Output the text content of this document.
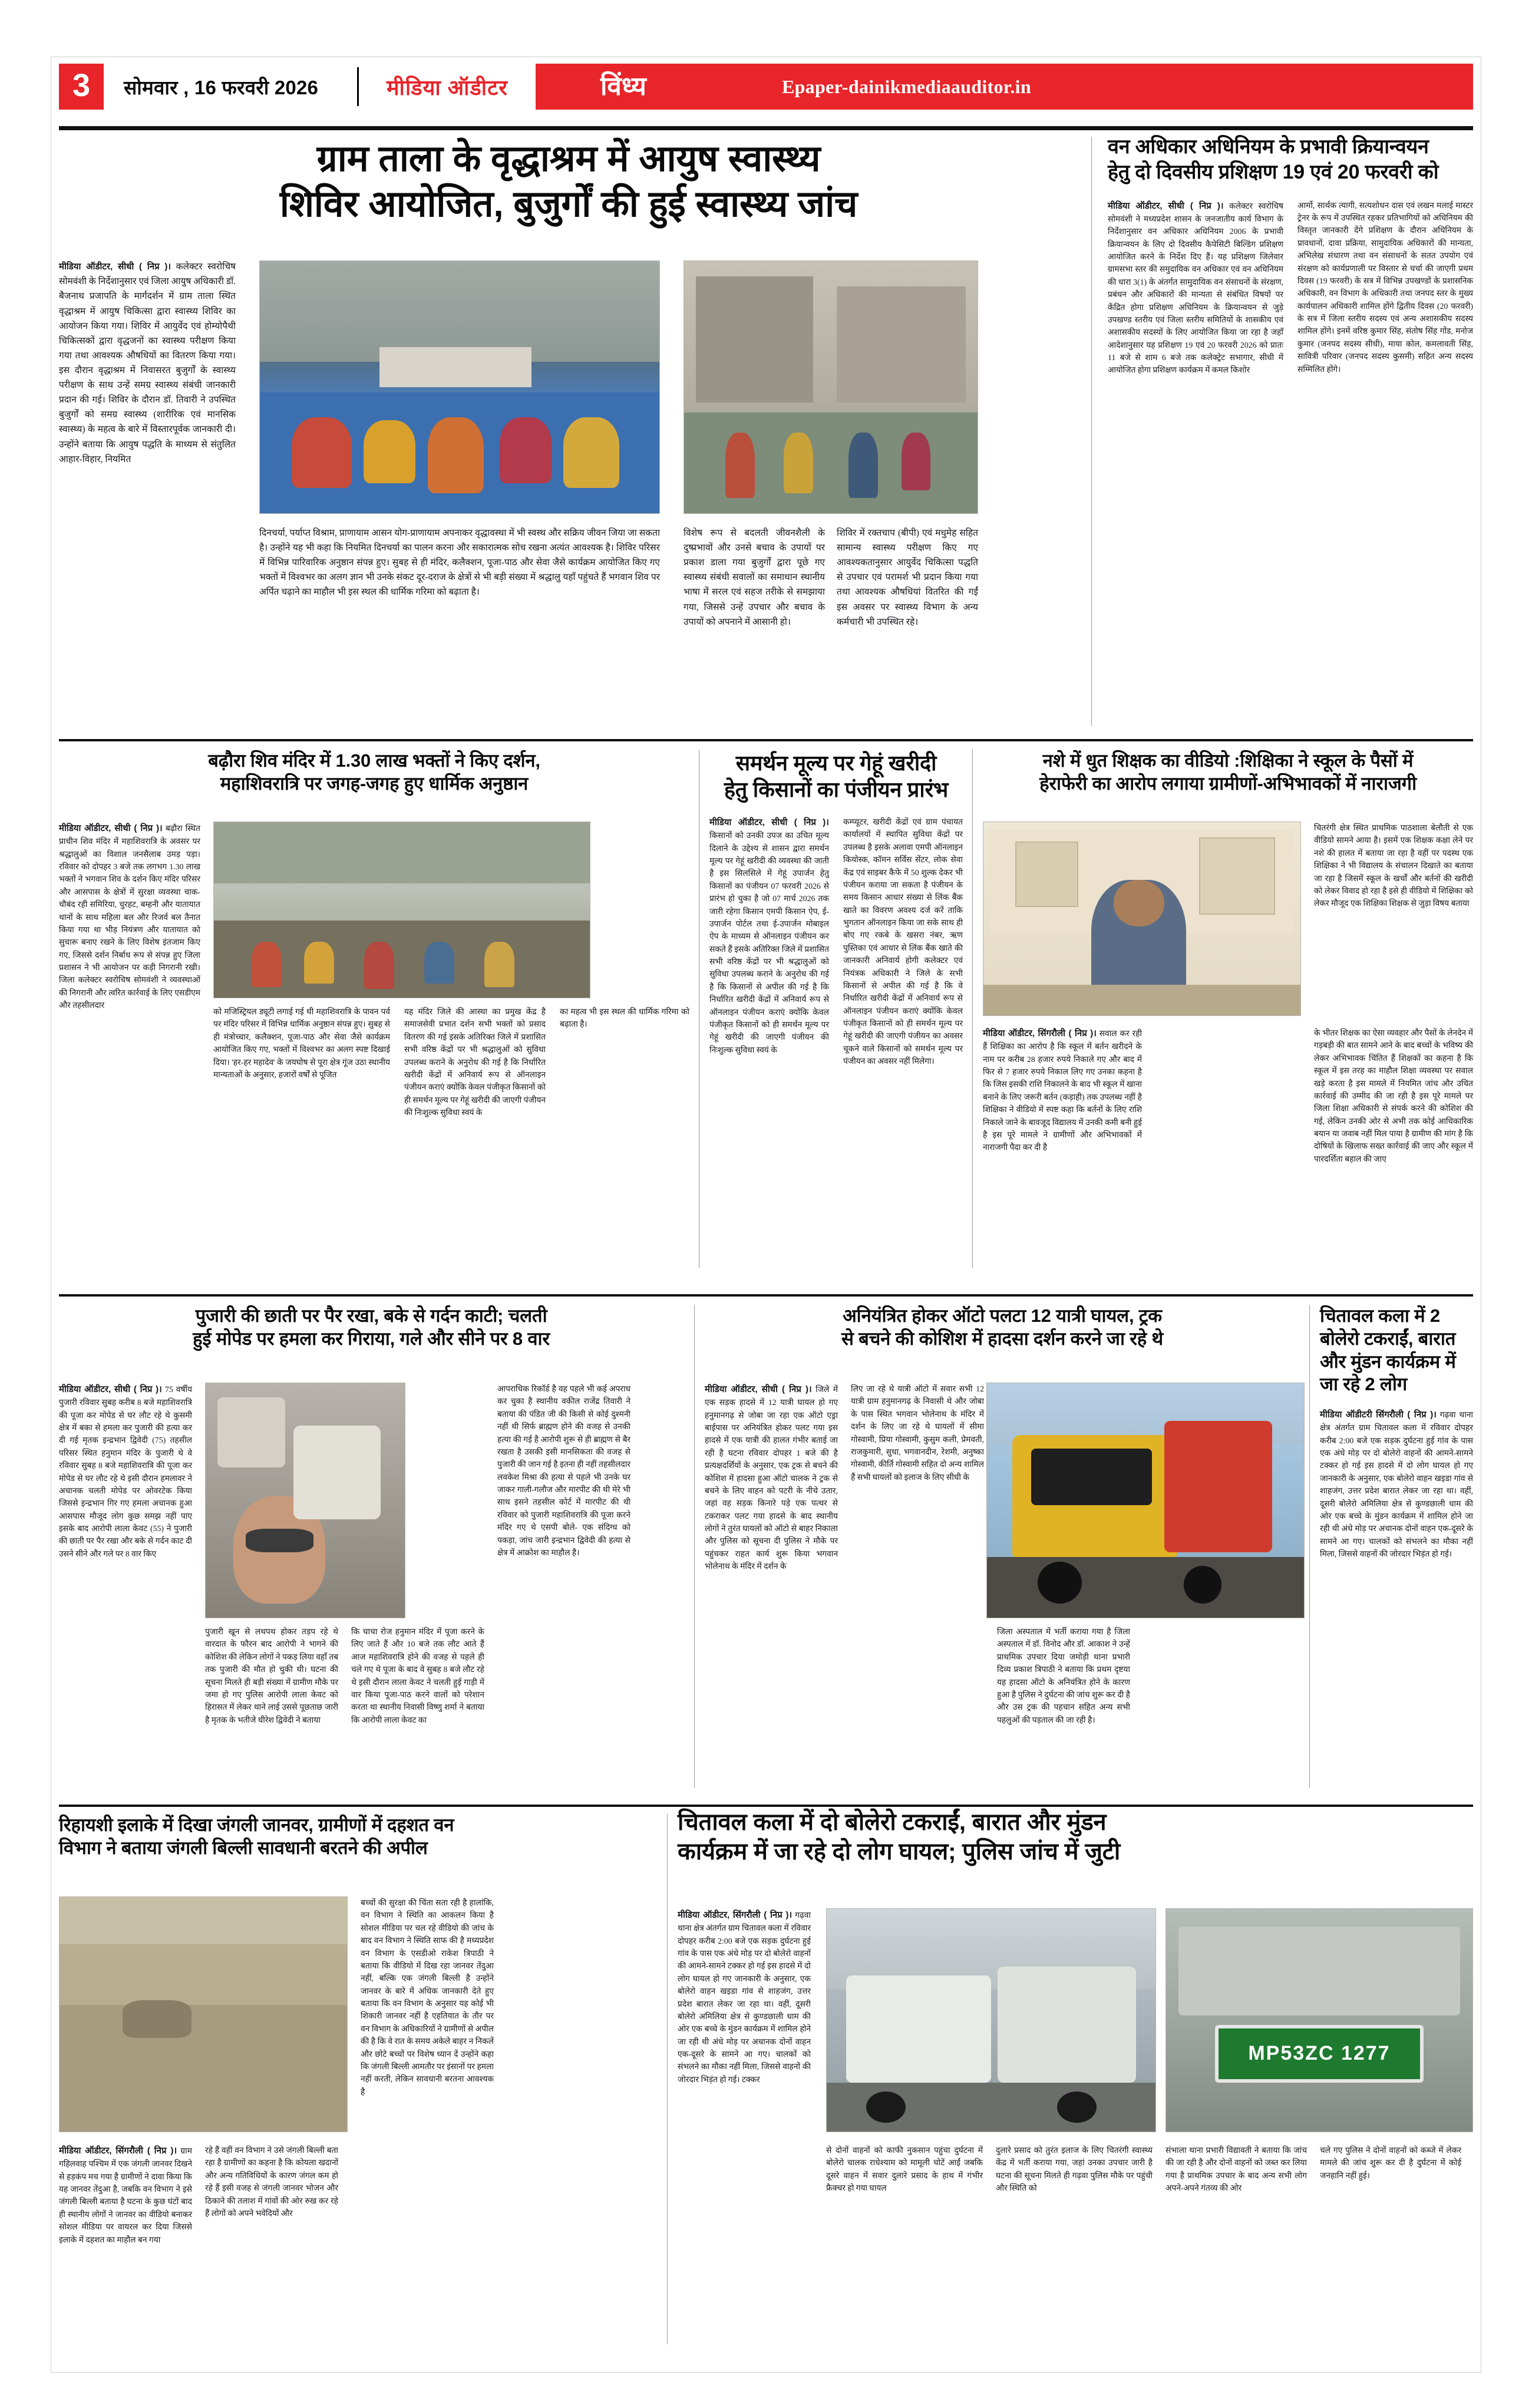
3 सोमवार , 16 फरवरी 2026	मीडिया ऑडीटर	विंध्य	Epaper-dainikmediaauditor.in
ग्राम ताला के वृद्धाश्रम में आयुष स्वास्थ्य
शिविर आयोजित, बुजुर्गों की हुई स्वास्थ्य जांच
मीडिया ऑडीटर, सीधी ( निप्र )। कलेक्टर स्वरोचिष सोमवंशी के निर्देशानुसार एवं जिला आयुष अधिकारी डॉ. बैजनाथ प्रजापति के मार्गदर्शन में ग्राम ताला स्थित वृद्धाश्रम में आयुष चिकित्सा द्वारा स्वास्थ्य शिविर का आयोजन किया गया। शिविर में आयुर्वेद एवं होम्योपैथी चिकित्सकों द्वारा वृद्धजनों का स्वास्थ्य परीक्षण किया गया तथा आवश्यक औषधियों का वितरण किया गया। इस दौरान वृद्धाश्रम में निवासरत बुजुर्गों के स्वास्थ्य परीक्षण के साथ उन्हें समग्र स्वास्थ्य संबंधी जानकारी प्रदान की गई। शिविर के दौरान डॉ. तिवारी ने उपस्थित बुजुर्गों को समग्र स्वास्थ्य (शारीरिक एवं मानसिक स्वास्थ्य) के महत्व के बारे में विस्तारपूर्वक जानकारी दी। उन्होंने बताया कि आयुष पद्धति के माध्यम से संतुलित आहार-विहार, नियमित
दिनचर्या, पर्याप्त विश्राम, प्राणायाम आसन योग-प्राणायाम अपनाकर वृद्धावस्था में भी स्वस्थ और सक्रिय जीवन जिया जा सकता है। उन्होंने यह भी कहा कि नियमित दिनचर्या का पालन करना और सकारात्मक सोच रखना अत्यंत आवश्यक है। शिविर परिसर में विभिन्न पारिवारिक अनुष्ठान संपन्न हुए। सुबह से ही मंदिर, कलैक्शन, पूजा-पाठ और सेवा जैसे कार्यक्रम आयोजित किए गए भक्तों में विश्वभर का अलग ज्ञान भी उनके संकट दूर-दराज के क्षेत्रों से भी बड़ी संख्या में श्रद्धालु यहाँ पहुंचते हैं भगवान शिव पर अर्पित चढ़ाने का माहौल भी इस स्थल की धार्मिक गरिमा को बढ़ाता है।
विशेष रूप से बदलती जीवनशैली के दुष्प्रभावों और उनसे बचाव के उपायों पर प्रकाश डाला गया बुजुर्गों द्वारा पूछे गए स्वास्थ्य संबंधी सवालों का समाधान स्थानीय भाषा में सरल एवं सहज तरीके से समझाया गया, जिससे उन्हें उपचार और बचाव के उपायों को अपनाने में आसानी हो।
शिविर में रक्तचाप (बीपी) एवं मधुमेह सहित सामान्य स्वास्थ्य परीक्षण किए गए आवश्यकतानुसार आयुर्वेद चिकित्सा पद्धति से उपचार एवं परामर्श भी प्रदान किया गया तथा आवश्यक औषधियां वितरित की गईं इस अवसर पर स्वास्थ्य विभाग के अन्य कर्मचारी भी उपस्थित रहे।
वन अधिकार अधिनियम के प्रभावी क्रियान्वयन
हेतु दो दिवसीय प्रशिक्षण 19 एवं 20 फरवरी को
मीडिया ऑडीटर, सीधी ( निप्र )। कलेक्टर स्वरोचिष सोमवंशी ने मध्यप्रदेश शासन के जनजातीय कार्य विभाग के निर्देशानुसार वन अधिकार अधिनियम 2006 के प्रभावी क्रियान्वयन के लिए दो दिवसीय कैपेसिटी बिल्डिंग प्रशिक्षण आयोजित करने के निर्देश दिए हैं। यह प्रशिक्षण जिलेवार ग्रामसभा स्तर की समुदायिक वन अधिकार एवं वन अधिनियम की धारा 3(1) के अंतर्गत सामुदायिक वन संसाधनों के संरक्षण, प्रबंधन और अधिकारों की मान्यता से संबंधित विषयों पर केंद्रित होगा प्रशिक्षण अधिनियम के क्रियान्वयन से जुड़े उपखण्ड स्तरीय एवं जिला स्तरीय समितियों के शासकीय एवं अशासकीय सदस्यों के लिए आयोजित किया जा रहा है जहाँ आदेशानुसार यह प्रशिक्षण 19 एवं 20 फरवरी 2026 को प्रातः 11 बजे से शाम 6 बजे तक कलेक्ट्रेट सभागार, सीधी में आयोजित होगा प्रशिक्षण कार्यक्रम में कमल किशोर
आर्मो, सार्थक त्यागी, सत्यशोधन दास एवं लखन मलाई मास्टर ट्रेनर के रूप में उपस्थित रहकर प्रतिभागियों को अधिनियम की विस्तृत जानकारी देंगे प्रशिक्षण के दौरान अधिनियम के प्रावधानों, दावा प्रक्रिया, सामुदायिक अधिकारों की मान्यता, अभिलेख संधारण तथा वन संसाधनों के सतत उपयोग एवं संरक्षण को कार्यप्रणाली पर विस्तार से चर्चा की जाएगी प्रथम दिवस (19 फरवरी) के सत्र में विभिन्न उपखण्डों के प्रशासनिक अधिकारी, वन विभाग के अधिकारी तथा जनपद स्तर के मुख्य कार्यपालन अधिकारी शामिल होंगे द्वितीय दिवस (20 फरवरी) के सत्र में जिला स्तरीय सदस्य एवं अन्य अशासकीय सदस्य शामिल होंगे। इनमें वरिष्ठ कुमार सिंह, संतोष सिंह गोंड, मनोज कुमार (जनपद सदस्य सीधी), माया कोल, कमलावती सिंह, सावित्री परिवार (जनपद सदस्य कुसमी) सहित अन्य सदस्य सम्मिलित होंगे।
बढ़ौरा शिव मंदिर में 1.30 लाख भक्तों ने किए दर्शन,
महाशिवरात्रि पर जगह-जगह हुए धार्मिक अनुष्ठान
मीडिया ऑडीटर, सीधी ( निप्र )। बढ़ौरा स्थित प्राचीन शिव मंदिर में महाशिवरात्रि के अवसर पर श्रद्धालुओं का विशाल जनसैलाब उमड़ पड़ा। रविवार को दोपहर 3 बजे तक लगभग 1.30 लाख भक्तों ने भगवान शिव के दर्शन किए मंदिर परिसर और आसपास के क्षेत्रों में सुरक्षा व्यवस्था चाक-चौबंद रही समिरिया, चुरहट, बम्हनी और यातायात थानों के साथ महिला बल और रिजर्व बल तैनात किया गया था भीड़ नियंत्रण और यातायात को सुचारू बनाए रखने के लिए विशेष इंतजाम किए गए, जिससे दर्शन निर्बाध रूप से संपन्न हुए जिला प्रशासन ने भी आयोजन पर कड़ी निगरानी रखी। जिला कलेक्टर स्वरोचिष सोमवंशी ने व्यवस्थाओं की निगरानी और त्वरित कार्रवाई के लिए एसडीएम और तहसीलदार
को मजिस्ट्रियल ड्यूटी लगाई गई थी महाशिवरात्रि के पावन पर्व पर मंदिर परिसर में विभिन्न धार्मिक अनुष्ठान संपन्न हुए। सुबह से ही मंत्रोच्चार, कलैक्शन, पूजा-पाठ और सेवा जैसे कार्यक्रम आयोजित किए गए, भक्तों में विश्वभर का अलग स्पष्ट दिखाई दिया। 'हर-हर महादेव' के जयघोष से पूरा क्षेत्र गूंज उठा स्थानीय मान्यताओं के अनुसार, हजारों वर्षों से पूजित
यह मंदिर जिले की आस्था का प्रमुख केंद्र है समाजसेवी प्रभात दर्शन सभी भक्तों को प्रसाद वितरण की गई इसके अतिरिक्त जिले में प्रशासित सभी वरिष्ठ केंद्रों पर भी श्रद्धालुओं को सुविधा उपलब्ध कराने के अनुरोध की गई है कि निर्धारित खरीदी केंद्रों में अनिवार्य रूप से ऑनलाइन पंजीयन कराएं क्योंकि केवल पंजीकृत किसानों को ही समर्थन मूल्य पर गेहूं खरीदी की जाएगी पंजीयन की निःशुल्क सुविधा स्वयं के
का महत्व भी इस स्थल की धार्मिक गरिमा को बढ़ाता है।
समर्थन मूल्य पर गेहूं खरीदी
हेतु किसानों का पंजीयन प्रारंभ
मीडिया ऑडीटर, सीधी ( निप्र )। किसानों को उनकी उपज का उचित मूल्य दिलाने के उद्देश्य से शासन द्वारा समर्थन मूल्य पर गेहूं खरीदी की व्यवस्था की जाती है इस सिलसिले में गेहूं उपार्जन हेतु किसानों का पंजीयन 07 फरवरी 2026 से प्रारंभ हो चुका है जो 07 मार्च 2026 तक जारी रहेगा किसान एमपी किसान ऐप, ई-उपार्जन पोर्टल तथा ई-उपार्जन मोबाइल ऐप के माध्यम से ऑनलाइन पंजीयन कर सकते हैं इसके अतिरिक्त जिले में प्रशासित सभी वरिष्ठ केंद्रों पर भी श्रद्धालुओं को सुविधा उपलब्ध कराने के अनुरोध की गई है कि किसानों से अपील की गई है कि निर्धारित खरीदी केंद्रों में अनिवार्य रूप से ऑनलाइन पंजीयन कराएं क्योंकि केवल पंजीकृत किसानों को ही समर्थन मूल्य पर गेहूं खरीदी की जाएगी पंजीयन की निःशुल्क सुविधा स्वयं के
कम्प्यूटर, खरीदी केंद्रों एवं ग्राम पंचायत कार्यालयों में स्थापित सुविधा केंद्रों पर उपलब्ध है इसके अलावा एमपी ऑनलाइन कियोस्क, कॉमन सर्विस सेंटर, लोक सेवा केंद्र एवं साइबर कैफे में 50 शुल्क देकर भी पंजीयन कराया जा सकता है पंजीयन के समय किसान आधार संख्या से लिंक बैंक खाते का विवरण अवश्य दर्ज करें ताकि भुगतान ऑनलाइन किया जा सके साथ ही बोए गए रकबे के खसरा नंबर, ऋण पुस्तिका एवं आधार से लिंक बैंक खाते की जानकारी अनिवार्य होगी कलेक्टर एवं नियंत्रक अधिकारी ने जिले के सभी किसानों से अपील की गई है कि वे निर्धारित खरीदी केंद्रों में अनिवार्य रूप से ऑनलाइन पंजीयन कराएं क्योंकि केवल पंजीकृत किसानों को ही समर्थन मूल्य पर गेहूं खरीदी की जाएगी पंजीयन का अवसर चूकने वाले किसानों को समर्थन मूल्य पर पंजीयन का अवसर नहीं मिलेगा।
नशे में धुत शिक्षक का वीडियो :शिक्षिका ने स्कूल के पैसों में
हेराफेरी का आरोप लगाया ग्रामीणों-अभिभावकों में नाराजगी
चितरंगी क्षेत्र स्थित प्राथमिक पाठशाला बेलौती से एक वीडियो सामने आया है। इसमें एक शिक्षक कक्षा लेने पर नशे की हालत में बताया जा रहा है वहीं पर पदस्थ एक शिक्षिका ने भी विद्यालय के संचालन दिखाते का बताया जा रहा है जिसमें स्कूल के खर्चों और बर्तनों की खरीदी को लेकर विवाद हो रहा है इसे ही वीडियो में शिक्षिका को लेकर मौजूद एक शिक्षिका शिक्षक से जुड़ा विषय बताया
मीडिया ऑडीटर, सिंगरौली ( निप्र )। सवाल कर रही हैं शिक्षिका का आरोप है कि स्कूल में बर्तन खरीदने के नाम पर करीब 28 हजार रुपये निकाले गए और बाद में फिर से 7 हजार रुपये निकाल लिए गए उनका कहना है कि जिस इसकी राशि निकालने के बाद भी स्कूल में खाना बनाने के लिए जरूरी बर्तन (कड़ाही) तक उपलब्ध नहीं है शिक्षिका ने वीडियो में स्पष्ट कहा कि बर्तनों के लिए राशि निकाले जाने के बावजूद विद्यालय में उनकी कमी बनी हुई है इस पूरे मामले ने ग्रामीणों और अभिभावकों में नाराजगी पैदा कर दी है
के भीतर शिक्षक का ऐसा व्यवहार और पैसों के लेनदेन में गड़बड़ी की बात सामने आने के बाद बच्चों के भविष्य की लेकर अभिभावक चिंतित हैं शिक्षकों का कहना है कि स्कूल में इस तरह का माहौल शिक्षा व्यवस्था पर सवाल खड़े करता है इस मामले में नियमित जांच और उचित कार्रवाई की उम्मीद की जा रही है इस पूरे मामले पर जिला शिक्षा अधिकारी से संपर्क करने की कोशिश की गई, लेकिन उनकी ओर से अभी तक कोई आधिकारिक बयान या जवाब नहीं मिल पाया है ग्रामीण की मांग है कि दोषियों के खिलाफ सख्त कार्रवाई की जाए और स्कूल में पारदर्शिता बहाल की जाए
पुजारी की छाती पर पैर रखा, बके से गर्दन काटी; चलती
हुई मोपेड पर हमला कर गिराया, गले और सीने पर 8 वार
मीडिया ऑडीटर, सीधी ( निप्र )। 75 वर्षीय पुजारी रविवार सुबह करीब 8 बजे महाशिवरात्रि की पूजा कर मोपेड से घर लौट रहे थे कुसमी क्षेत्र में बका से हमला कर पुजारी की हत्या कर दी गई मृतक इन्द्रभान द्विवेदी (75) तहसील परिसर स्थित हनुमान मंदिर के पुजारी थे वे रविवार सुबह 8 बजे महाशिवरात्रि की पूजा कर मोपेड से घर लौट रहे थे इसी दौरान हमलावर ने अचानक चलती मोपेड पर ओवरटेक किया जिससे इन्द्रभान गिर गए हमला अचानक हुआ आसपास मौजूद लोग कुछ समझ नहीं पाए इसके बाद आरोपी लाला केवट (55) ने पुजारी की छाती पर पैर रखा और बके से गर्दन काट दी उसने सीने और गले पर 8 वार किए
पुजारी खून से लथपथ होकर तड़प रहे थे वारदात के फौरन बाद आरोपी ने भागने की कोशिश की लेकिन लोगों ने पकड़ लिया वहाँ तब तक पुजारी की मौत हो चुकी थी। घटना की सूचना मिलते ही बड़ी संख्या में ग्रामीण मौके पर जमा हो गए पुलिस आरोपी लाला केवट को हिरासत में लेकर थाने लाई उससे पूछताछ जारी है मृतक के भतीजे धीरेश द्विवेदी ने बताया
कि चाचा रोज हनुमान मंदिर में पूजा करने के लिए जाते हैं और 10 बजे तक लौट आते हैं आज महाशिवरात्रि होने की वजह से पहले ही चले गए थे पूजा के बाद वे सुबह 8 बजे लौट रहे थे इसी दौरान लाला केवट ने चलती हुई गाड़ी में वार किया पूजा-पाठ करने वालों को परेशान करता था स्थानीय निवासी विष्णु शर्मा ने बताया कि आरोपी लाला केवट का
आपराधिक रिकॉर्ड है वह पहले भी कई अपराध कर चुका है स्थानीय वकील राजेंद्र तिवारी ने बताया की पंडित जी की किसी से कोई दुश्मनी नहीं थी सिर्फ ब्राह्मण होने की वजह से उनकी हत्या की गई है आरोपी शुरू से ही ब्राह्मण से बैर रखता है उसकी इसी मानसिकता की वजह से पुजारी की जान गई है इतना ही नहीं तहसीलदार लवकेश मिश्रा की हत्या से पहले भी उनके घर जाकर गाली-गलौज और मारपीट की थी मेरे भी साथ इसने तहसील कोर्ट में मारपीट की थी रविवार को पुजारी महाशिवरात्रि की पूजा करने मंदिर गए थे एसपी बोले- एक संदिग्ध को पकड़ा, जांच जारी इन्द्रभान द्विवेदी की हत्या से क्षेत्र में आक्रोश का माहौल है।
अनियंत्रित होकर ऑटो पलटा 12 यात्री घायल, ट्रक
से बचने की कोशिश में हादसा दर्शन करने जा रहे थे
मीडिया ऑडीटर, सीधी ( निप्र )। जिले में एक सड़क हादसे में 12 यात्री घायल हो गए हनुमानगढ़ से जोबा जा रहा एक ऑटो एड्रा बाईपास पर अनियंत्रित होकर पलट गया इस हादसे में एक यात्री की हालत गंभीर बताई जा रही है घटना रविवार दोपहर 1 बजे की है प्रत्यक्षदर्शियों के अनुसार, एक ट्रक से बचने की कोशिश में हादसा हुआ ऑटो चालक ने ट्रक से बचने के लिए वाहन को पटरी के नीचे उतार, जहां वह सड़क किनारे पड़े एक पत्थर से टकराकर पलट गया हादसे के बाद स्थानीय लोगों ने तुरंत घायलों को ऑटो से बाहर निकाला और पुलिस को सूचना दी पुलिस ने मौके पर पहुंचकर राहत कार्य शुरू किया भगवान भोलेनाथ के मंदिर में दर्शन के
लिए जा रहे थे यात्री ऑटो में सवार सभी 12 यात्री ग्राम हनुमानगढ़ के निवासी थे और जोबा के पास स्थित भगवान भोलेनाथ के मंदिर में दर्शन के लिए जा रहे थे घायलों में सीमा गोस्वामी, प्रिया गोस्वामी, कुसुम कली, प्रेमवती, राजकुमारी, सुधा, भगवानदीन, रेशमी, अनुष्का गोस्वामी, कीर्ति गोस्वामी सहित दो अन्य शामिल हैं सभी घायलों को इलाज के लिए सीधी के
जिला अस्पताल में भर्ती कराया गया है जिला अस्पताल में डॉ. विनोद और डॉ. आकाश ने उन्हें प्राथमिक उपचार दिया जमोड़ी थाना प्रभारी दिव्य प्रकाश त्रिपाठी ने बताया कि प्रथम दृष्टया यह हादसा ऑटो के अनियंत्रित होने के कारण हुआ है पुलिस ने दुर्घटना की जांच शुरू कर दी है और उस ट्रक की पहचान सहित अन्य सभी पहलुओं की पड़ताल की जा रही है।
चितावल कला में 2
बोलेरो टकराईं, बारात
और मुंडन कार्यक्रम में
जा रहे 2 लोग
मीडिया ऑडीटरी सिंगरौली ( निप्र )। गढ़वा थाना क्षेत्र अंतर्गत ग्राम चितावल कला में रविवार दोपहर करीब 2:00 बजे एक सड़क दुर्घटना हुई गांव के पास एक अंधे मोड़ पर दो बोलेरो वाहनों की आमने-सामने टक्कर हो गई इस हादसे में दो लोग घायल हो गए जानकारी के अनुसार, एक बोलेरो वाहन खइडा गांव से शाहजंग, उत्तर प्रदेश बारात लेकर जा रहा था। वहीं, दूसरी बोलेरो अमिलिया क्षेत्र से कुण्डछाली धाम की ओर एक बच्चे के मुंडन कार्यक्रम में शामिल होने जा रही थी अंधे मोड़ पर अचानक दोनों वाहन एक-दूसरे के सामने आ गए। चालकों को संभलने का मौका नहीं मिला, जिससे वाहनों की जोरदार भिड़ंत हो गई।
रिहायशी इलाके में दिखा जंगली जानवर, ग्रामीणों में दहशत वन
विभाग ने बताया जंगली बिल्ली सावधानी बरतने की अपील
मीडिया ऑडीटर, सिंगरौली ( निप्र )। ग्राम गहिलवाह पश्चिम में एक जंगली जानवर दिखने से हड़कंप मच गया है ग्रामीणों ने दावा किया कि यह जानवर तेंदुआ है, जबकि वन विभाग ने इसे जंगली बिल्ली बताया है घटना के कुछ घंटों बाद ही स्थानीय लोगों ने जानवर का वीडियो बनाकर सोशल मीडिया पर वायरल कर दिया जिससे इलाके में दहशत का माहौल बन गया
बच्चों की सुरक्षा की चिंता सता रही है हालांकि, वन विभाग ने स्थिति का आकलन किया है सोशल मीडिया पर चल रहे वीडियो की जांच के बाद वन विभाग ने स्थिति साफ की है मध्यप्रदेश वन विभाग के एसडीओ राकेश त्रिपाठी ने बताया कि वीडियो में दिख रहा जानवर तेंदुआ नहीं, बल्कि एक जंगली बिल्ली है उन्होंने जानवर के बारे में अधिक जानकारी देते हुए बताया कि वन विभाग के अनुसार यह कोई भी शिकारी जानवर नहीं है एहतियात के तौर पर वन विभाग के अधिकारियों ने ग्रामीणों से अपील की है कि वे रात के समय अकेले बाहर न निकलें और छोटे बच्चों पर विशेष ध्यान दें उन्होंने कहा कि जंगली बिल्ली आमतौर पर इंसानों पर हमला नहीं करती, लेकिन सावधानी बरतना आवश्यक है
रहे हैं वहीं वन विभाग ने उसे जंगली बिल्ली बता रहा है ग्रामीणों का कहना है कि कोयला खदानों और अन्य गतिविधियों के कारण जंगल कम हो रहे हैं इसी वजह से जंगली जानवर भोजन और ठिकाने की तलाश में गांवों की ओर रुख कर रहे हैं लोगों को अपने भवेदियों और
चितावल कला में दो बोलेरो टकराईं, बारात और मुंडन
कार्यक्रम में जा रहे दो लोग घायल; पुलिस जांच में जुटी
MP53ZC 1277
मीडिया ऑडीटर, सिंगरौली ( निप्र )। गढ़वा थाना क्षेत्र अंतर्गत ग्राम चितावल कला में रविवार दोपहर करीब 2:00 बजे एक सड़क दुर्घटना हुई गांव के पास एक अंधे मोड़ पर दो बोलेरो वाहनों की आमने-सामने टक्कर हो गई इस हादसे में दो लोग घायल हो गए जानकारी के अनुसार, एक बोलेरो वाहन खइडा गांव से शाहजंग, उत्तर प्रदेश बारात लेकर जा रहा था। वहीं, दूसरी बोलेरो अमिलिया क्षेत्र से कुण्डछाली धाम की ओर एक बच्चे के मुंडन कार्यक्रम में शामिल होने जा रही थी अंधे मोड़ पर अचानक दोनों वाहन एक-दूसरे के सामने आ गए। चालकों को संभलने का मौका नहीं मिला, जिससे वाहनों की जोरदार भिड़ंत हो गई। टक्कर
से दोनों वाहनों को काफी नुकसान पहुंचा दुर्घटना में बोलेरो चालक राधेश्याम को मामूली चोटें आईं जबकि दूसरे वाहन में सवार दुलारे प्रसाद के हाथ में गंभीर फ्रैक्चर हो गया घायल
दुलारे प्रसाद को तुरंत इलाज के लिए चितरंगी स्वास्थ्य केंद्र में भर्ती कराया गया, जहां उनका उपचार जारी है घटना की सूचना मिलते ही गढ़वा पुलिस मौके पर पहुंची और स्थिति को
संभाला थाना प्रभारी विद्यावती ने बताया कि जांच की जा रही है और दोनों वाहनों को जब्त कर लिया गया है प्राथमिक उपचार के बाद अन्य सभी लोग अपने-अपने गंतव्य की ओर
चले गए पुलिस ने दोनों वाहनों को कब्जे में लेकर मामले की जांच शुरू कर दी है दुर्घटना में कोई जनहानि नहीं हुई।
